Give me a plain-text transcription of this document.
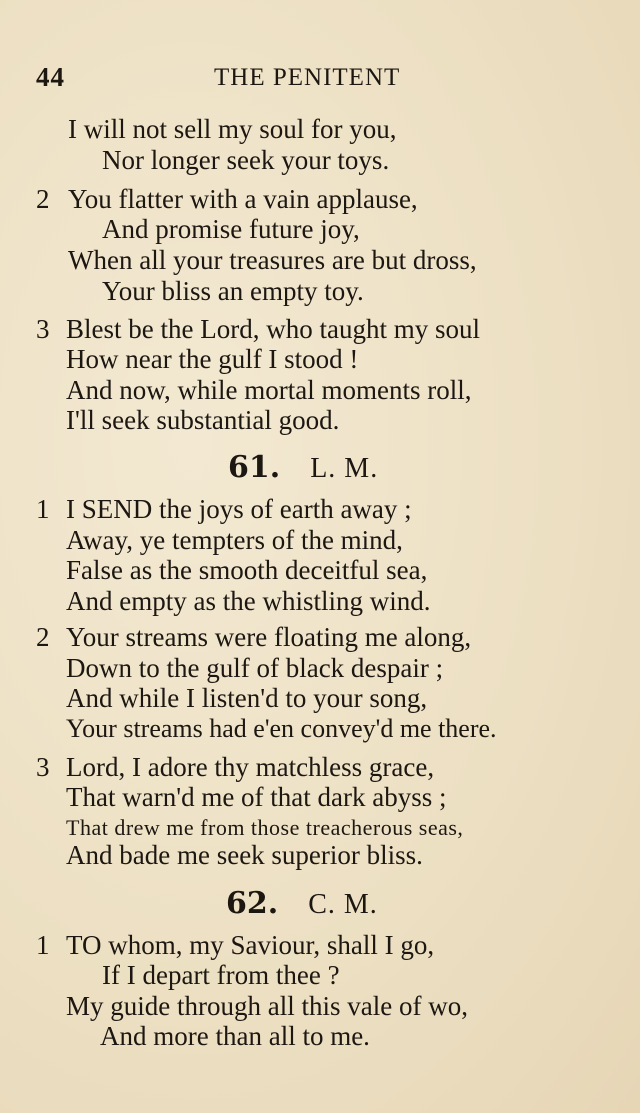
44	THE PENITENT
I will not sell my soul for you,
Nor longer seek your toys.
2 You flatter with a vain applause,
And promise future joy,
When all your treasures are but dross,
Your bliss an empty toy.
3 Blest be the Lord, who taught my soul
How near the gulf I stood !
And now, while mortal moments roll,
I'll seek substantial good.
61. L. M.
1 I SEND the joys of earth away ;
Away, ye tempters of the mind,
False as the smooth deceitful sea,
And empty as the whistling wind.
2 Your streams were floating me along,
Down to the gulf of black despair ;
And while I listen'd to your song,
Your streams had e'en convey'd me there.
3 Lord, I adore thy matchless grace,
That warn'd me of that dark abyss ;
That drew me from those treacherous seas,
And bade me seek superior bliss.
62. C. M.
1 TO whom, my Saviour, shall I go,
If I depart from thee ?
My guide through all this vale of wo,
And more than all to me.
